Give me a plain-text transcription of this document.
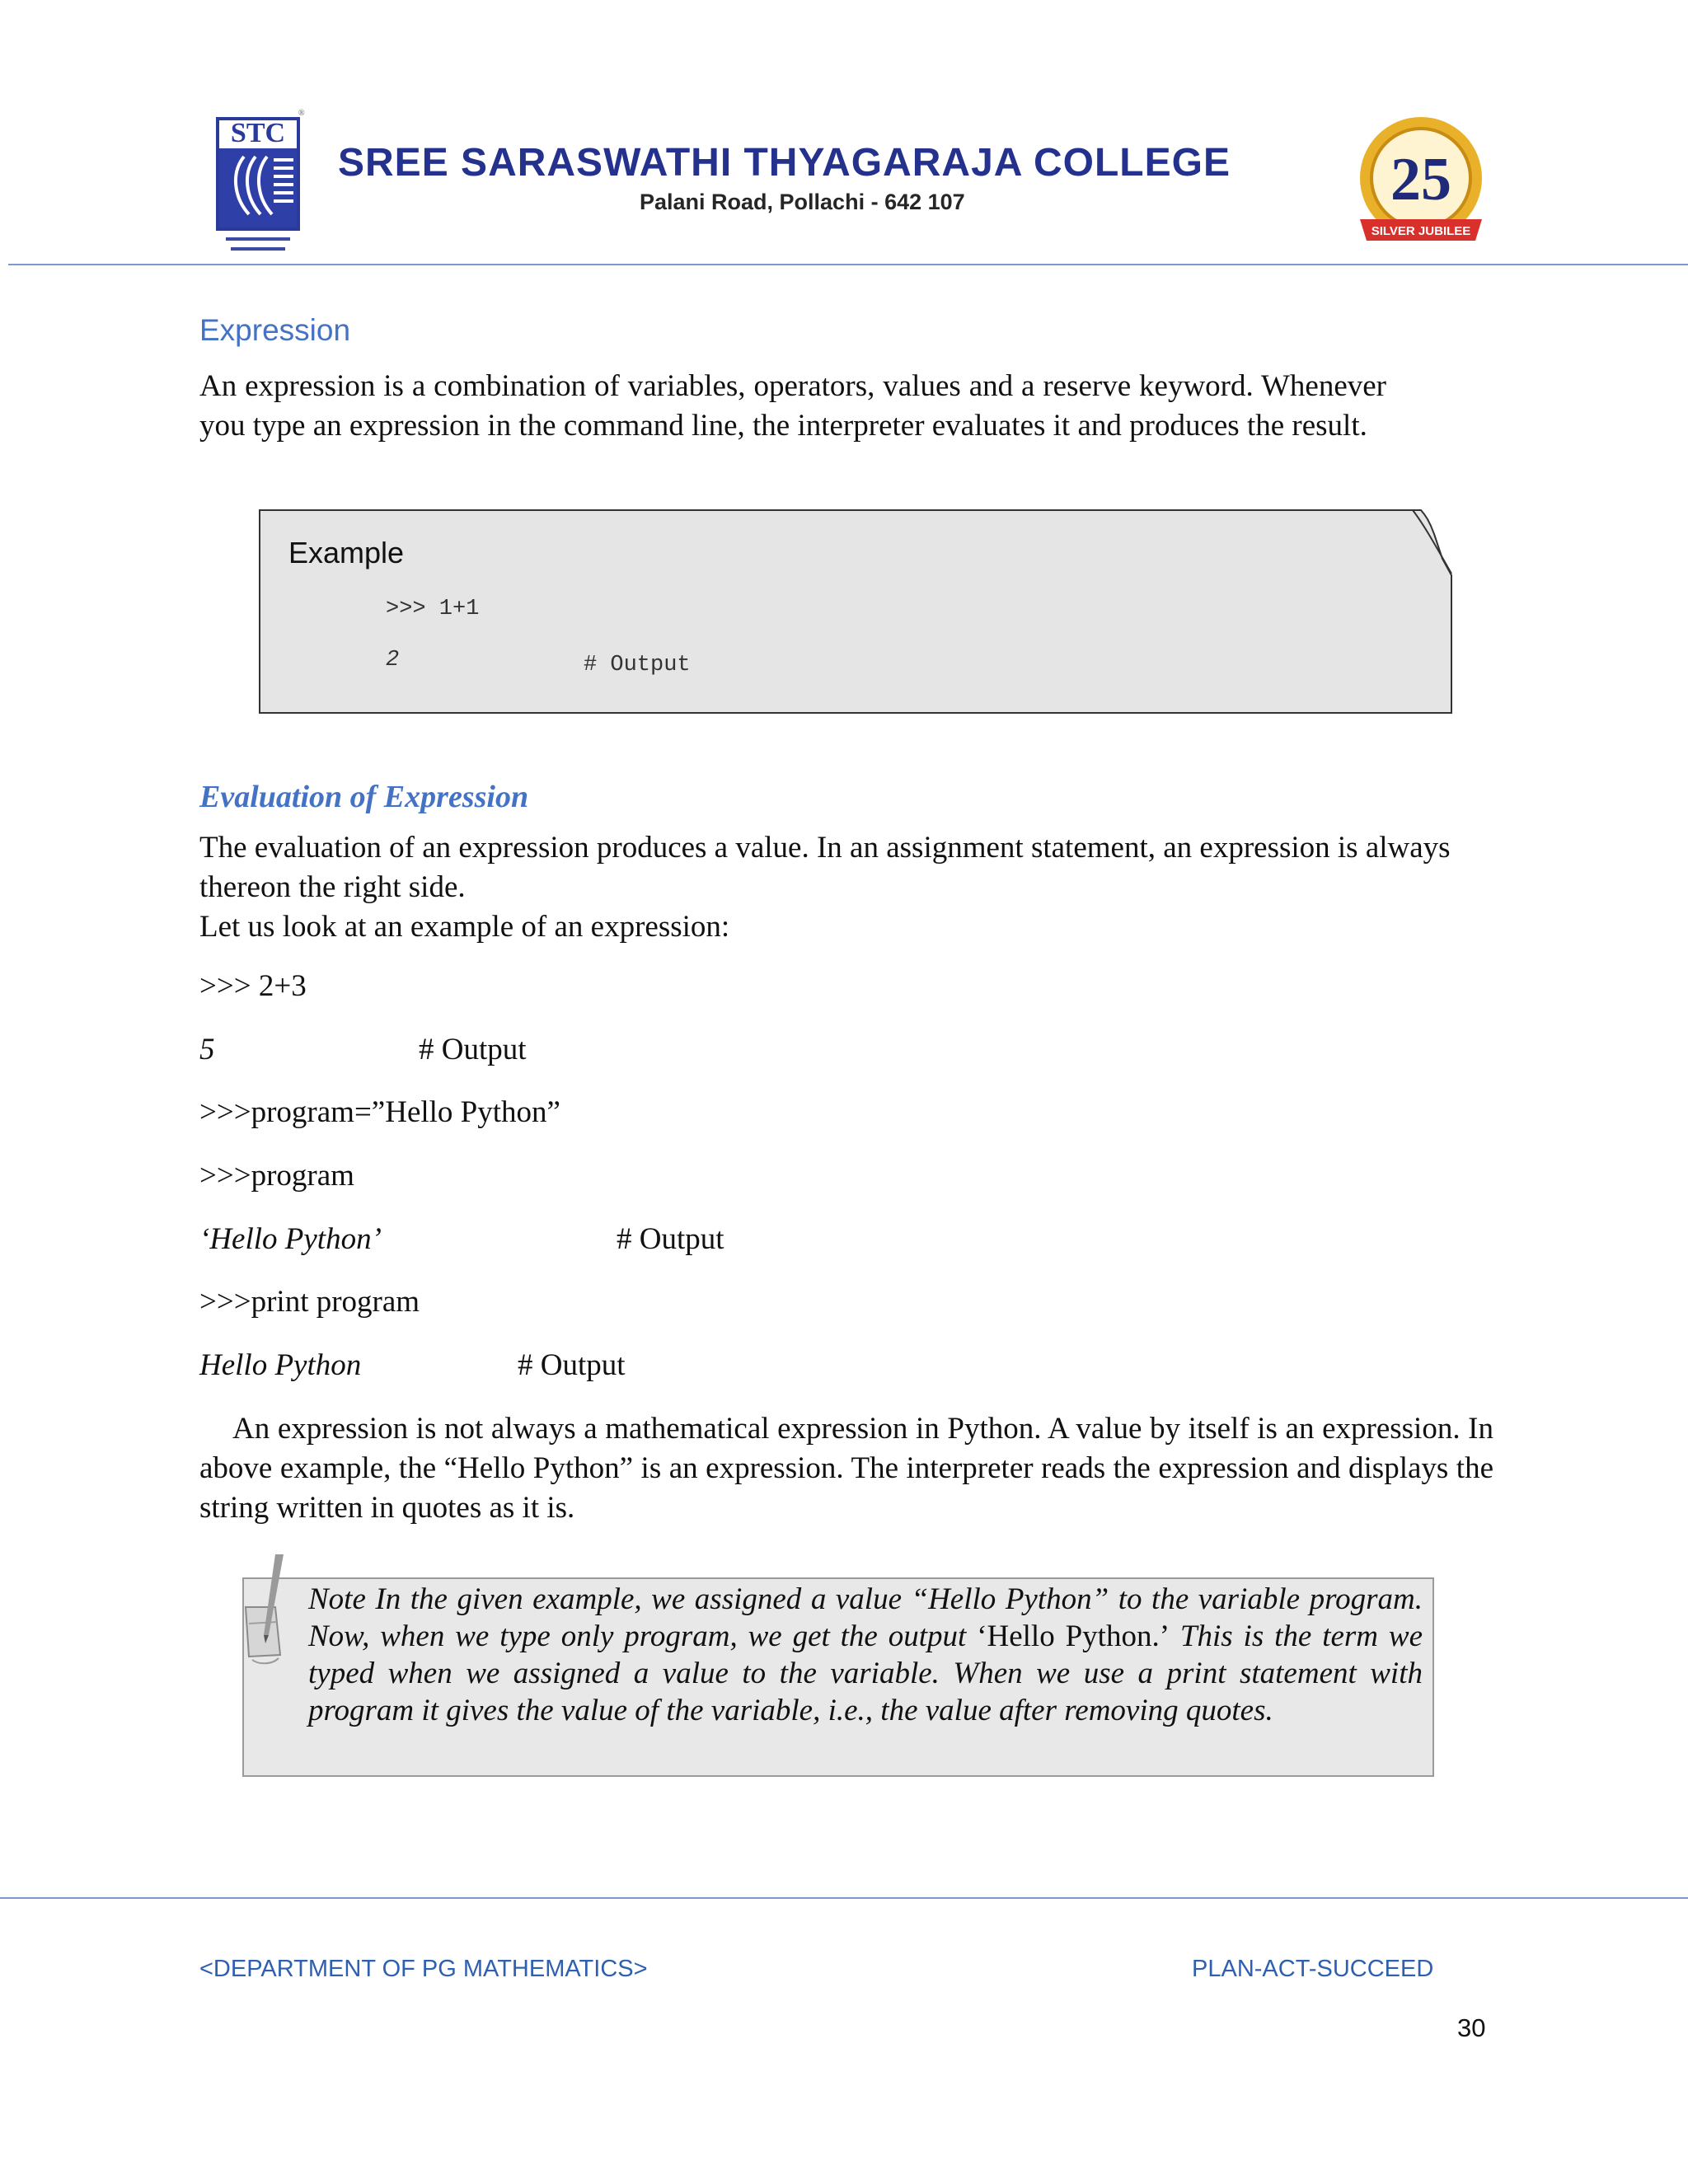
STC
®
SREE SARASWATHI THYAGARAJA COLLEGE
Palani Road, Pollachi - 642 107	25
SILVER JUBILEE
Expression
An expression is a combination of variables, operators, values and a reserve keyword. Whenever you type an expression in the command line, the interpreter evaluates it and produces the result.
Example
>>> 1+1
2	# Output
Evaluation of Expression
The evaluation of an expression produces a value. In an assignment statement, an expression is always thereon the right side.
Let us look at an example of an expression:
>>> 2+3
5	# Output
>>>program=”Hello Python”
>>>program
‘Hello Python’	# Output
>>>print program
Hello Python	# Output
An expression is not always a mathematical expression in Python. A value by itself is an expression. In above example, the “Hello Python” is an expression. The interpreter reads the expression and displays the string written in quotes as it is.
Note In the given example, we assigned a value “Hello Python” to the variable program. Now, when we type only program, we get the output ‘Hello Python.’ This is the term we typed when we assigned a value to the variable. When we use a print statement with program it gives the value of the variable, i.e., the value after removing quotes.
<DEPARTMENT OF PG MATHEMATICS>	PLAN-ACT-SUCCEED
30
